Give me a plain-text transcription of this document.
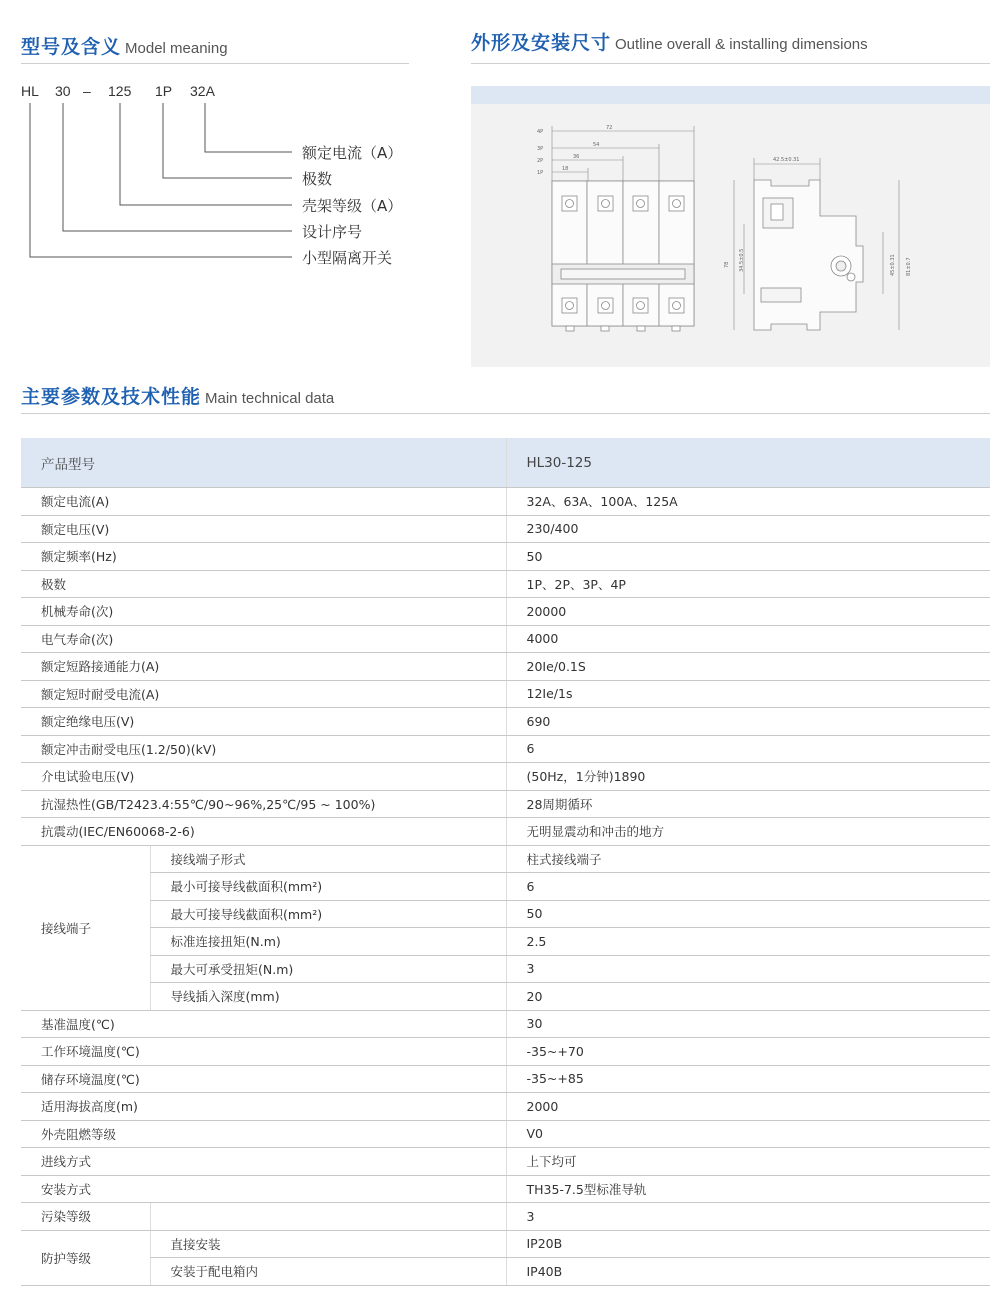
型号及含义 Model meaning	外形及安装尺寸 Outline overall & installing dimensions
HL 30 – 125 1P 32A
额定电流（A）
极数
壳架等级（A）
设计序号
小型隔离开关
4P
3P
2P
1P
72
54
36
18
42.5±0.31
78 34.5±0.5	45±0.31 81±0.7
主要参数及技术性能 Main technical data
产品型号		HL30-125
额定电流(A)		32A、63A、100A、125A
额定电压(V)		230/400
额定频率(Hz)		50
极数		1P、2P、3P、4P
机械寿命(次)		20000
电气寿命(次)		4000
额定短路接通能力(A)		20Ie/0.1S
额定短时耐受电流(A)		12Ie/1s
额定绝缘电压(V)		690
额定冲击耐受电压(1.2/50)(kV)		6
介电试验电压(V)		(50Hz，1分钟)1890
抗湿热性(GB/T2423.4:55℃/90~96%,25℃/95 ~ 100%)		28周期循环
抗震动(IEC/EN60068-2-6)		无明显震动和冲击的地方
接线端子	接线端子形式	柱式接线端子
	最小可接导线截面积(mm²)	6
	最大可接导线截面积(mm²)	50
	标准连接扭矩(N.m)	2.5
	最大可承受扭矩(N.m)	3
	导线插入深度(mm)	20
基准温度(℃)		30
工作环境温度(℃)		-35~+70
储存环境温度(℃)		-35~+85
适用海拔高度(m)		2000
外壳阻燃等级		V0
进线方式		上下均可
安装方式		TH35-7.5型标准导轨
污染等级		3
防护等级	直接安装	IP20B
	安装于配电箱内	IP40B
